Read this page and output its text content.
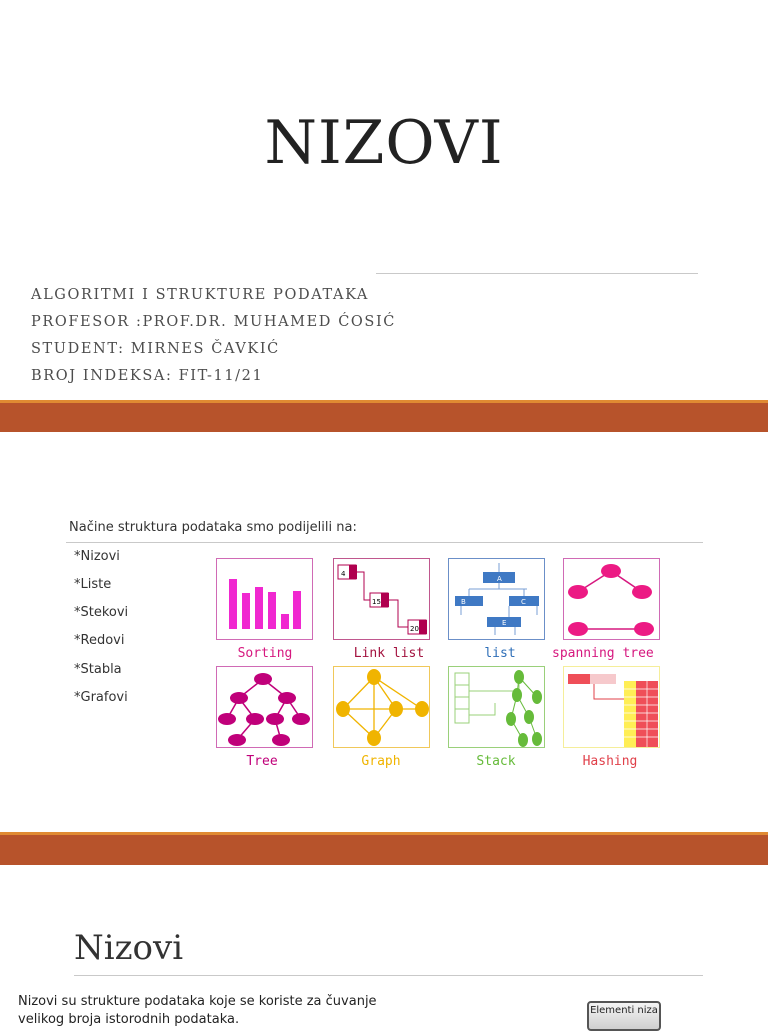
NIZOVI
ALGORITMI I STRUKTURE PODATAKA
PROFESOR :PROF.DR. MUHAMED ĆOSIĆ
STUDENT: MIRNES ČAVKIĆ
BROJ INDEKSA: FIT-11/21
Načine struktura podataka smo podijelili na:
*Nizovi
*Liste
*Stekovi
*Redovi
*Stabla
*Grafovi
Sorting
4
15
20
Link list
A
B	C
E
list	spanning tree
Tree	Graph	Stack	Hashing
Nizovi
Nizovi su strukture podataka koje se koriste za čuvanje velikog broja istorodnih podataka.
Elementi niza
